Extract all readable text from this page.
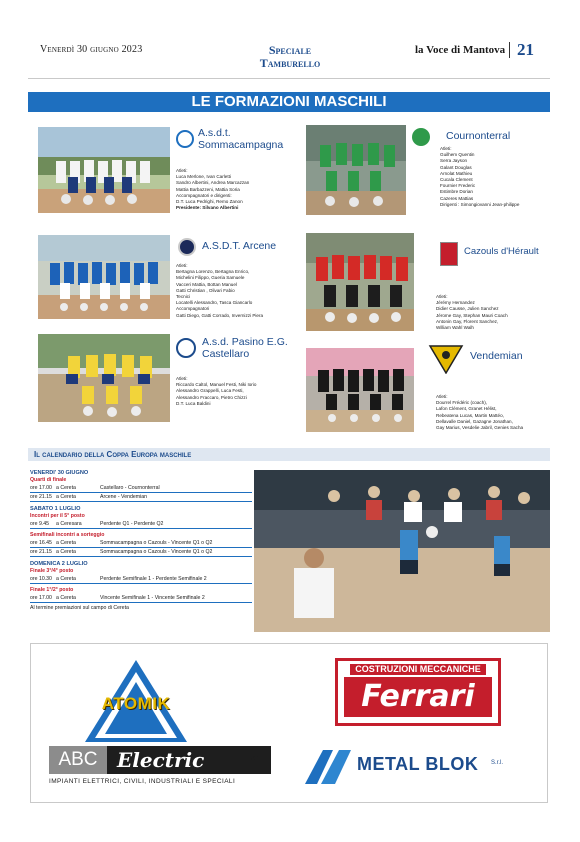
Venerdì 30 giugno 2023	Speciale
Tamburello
la Voce di Mantova 21
LE FORMAZIONI MASCHILI
A.s.d.t. Sommacampagna
Atleti:
Luca Merlone, Ivan Carletti
Sandro Albertini, Andrea Marcazzan
Mattia Barbazzeni, Mattia Soria
Accompagnatori e dirigenti:
D.T. Luca Pedrighi, Remo Zanon
Presidente: Silvano Albertini
Cournonterral
Atleti:
Guilhem Quentin
Serra Jayson
Galant Douglas
Arnolat Mathieu
Cucala Clement
Fournier Frederic
Estimbre Dorian
Cazeres Mattias
Dirigenti : Simongiovanni Jean-philippe
A.S.D.T. Arcene
Atleti:
Bertagna Lorenzo, Bertagna Enrico,
Michelini Filippo, Gueria Samuele
Vacceri Mattia, Bottan Manuel
Gatti Christian , Olivari Fabio
Tecnici
Locatelli Alessandro, Tasca Giancarlo
Accompagnatori
Gatti Diego, Gatti Corrado, Invernizzi Piera
Cazouls d'Hérault
Atleti:
Jérémy Hernandez
Didier Causse, Julien Sanchez
Jérome Gay, Stephan Mauri Coach
Antonin Gay, Florent Sanchez,
William Wahl Walh
A.s.d. Pasino E.G. Castellaro
Atleti:
Riccardo Caltol, Manuel Festi, Niki Iorio
Alessandro Grappelli, Luca Festi,
Alessandro Fraccaro, Pietro Chizzi
D.T. Luca Baldini
Vendemian
Atleti:
Dourrel Frédéric (coach),
Lafon Clément, Granet Hélist,
Rebeatena Lucas, Martin Mattéo,
Dellavalle Daniel, Gazagne Jonathan,
Gay Marius, Vesdelie Jabril, Genies Sacha
Il calendario della Coppa Europa maschile
VENERDI' 30 GIUGNO
Quarti di finale
ore 17.00 a Cereta	Castellaro - Cournonterral
ore 21.15 a Cereta	Arcene - Vendemian
SABATO 1 LUGLIO
Incontri per il 5° posto
ore 9.45	a Ceresara	Perdente Q1 - Perdente Q2
Semifinali incontri a sorteggio
ore 16.45 a Cereta	Sommacampagna o Cazouls - Vincente Q1 o Q2
ore 21.15 a Cereta	Sommacampagna o Cazouls - Vincente Q1 o Q2
DOMENICA 2 LUGLIO
Finale 3°/4° posto
ore 10.30 a Cereta	Perdente Semifinale 1 - Perdente Semifinale 2
Finale 1°/2° posto
ore 17.00 a Cereta	Vincente Semifinale 1 - Vincente Semifinale 2
Al termine premiazioni sul campo di Cereta
ATOMIK
COSTRUZIONI MECCANICHE
Ferrari
ABC Electric	srl
IMPIANTI ELETTRICI, CIVILI, INDUSTRIALI E SPECIALI
METAL BLOK S.r.l.
